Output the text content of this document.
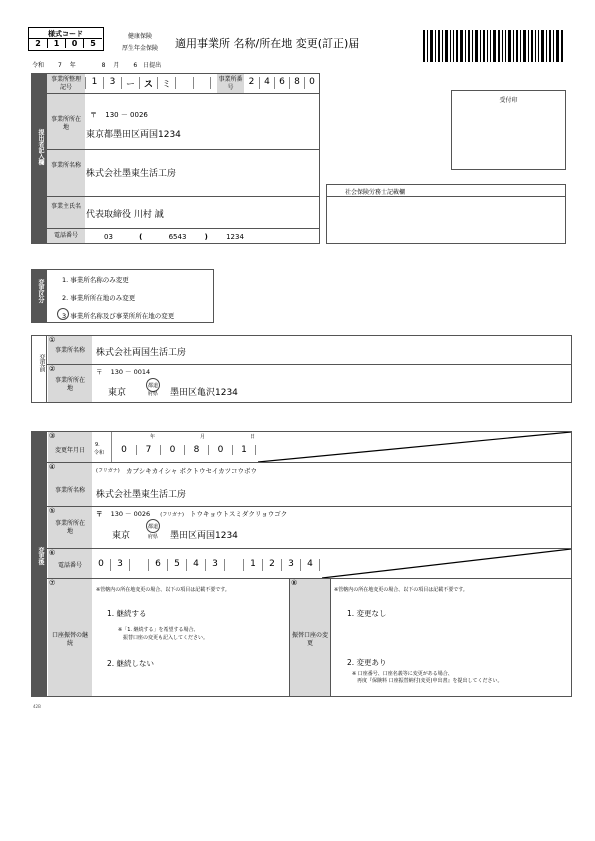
様式コード
2	1	0	5
健康保険
厚生年金保険 適用事業所 名称/所在地 変更(訂正)届
令和 7 年	8 月 6 日提出
提出者記入欄
事業所整理記号
1	3	ー ス ミ
事業所番号
2	4	6	8	0
事業所所在地
〒 130 － 0026
東京都墨田区両国1234
事業所名称
株式会社墨東生活工房
事業主氏名
代表取締役 川村 誠
電話番号	03	(	6543	)	1234
受付印
社会保険労務士記載欄
変更区分	1. 事業所名称のみ変更
2. 事業所所在地のみ変更
3. 事業所名称及び事業所所在地の変更
変更前
①
事業所名称	株式会社両国生活工房
②
事業所所在地
〒 130 － 0014
東京
都道
府県 墨田区亀沢1234
変更後
③
変更年月日
9.
令和	0	7
年
0	8
月
0	1
日
④	(フリガナ) カブシキカイシャ ボクトウセイカツコウボウ
事業所名称	株式会社墨東生活工房
⑤
事業所所在地
〒 130 － 0026 (フリガナ) トウキョウトスミダクリョウゴク
東京
都道
府県 墨田区両国1234
⑥
電話番号	0	3	6	5	4	3	1	2	3	4
⑦
口座振替の継続
※管轄内の所在地変更の場合、以下の項目は記載不要です。
1. 継続する
※「1. 継続する」を希望する場合、
　振替口座の変更も記入してください。
2. 継続しない
⑧
振替口座の変更
※管轄内の所在地変更の場合、以下の項目は記載不要です。
1. 変更なし
2. 変更あり
※ 口座番号、口座名義等に変更がある場合、
　再度『保険料 口座振替納付(変更)申出書』を提出してください。
42B
